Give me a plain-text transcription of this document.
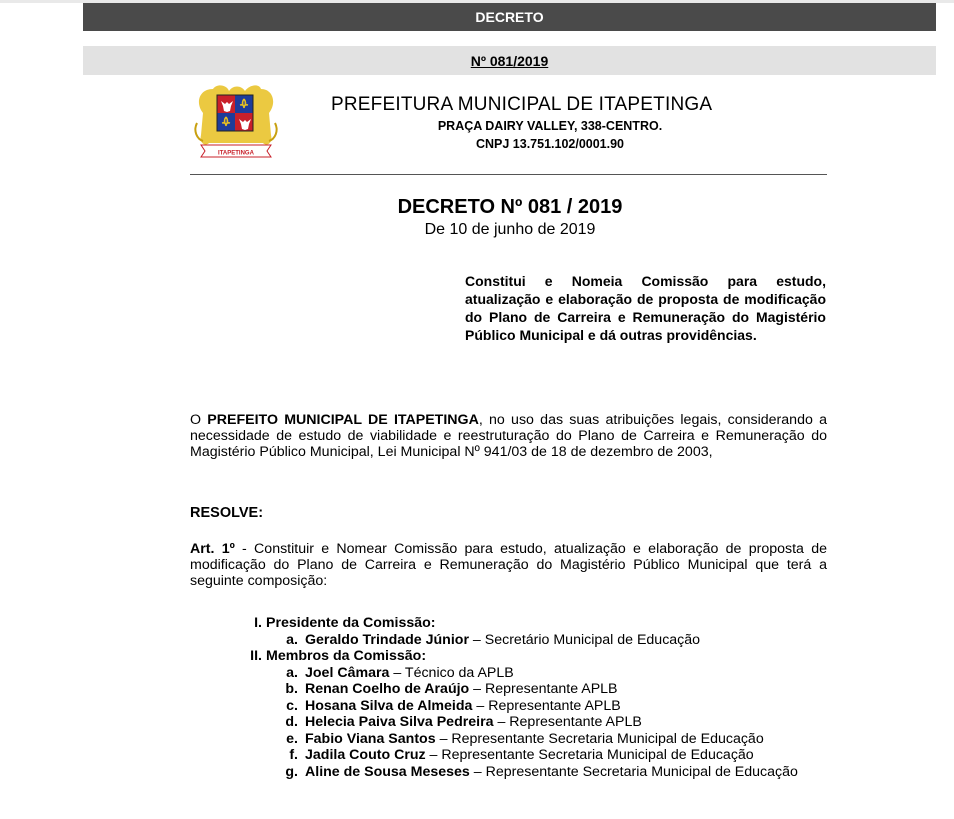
DECRETO
Nº 081/2019
ITAPETINGA
PREFEITURA MUNICIPAL DE ITAPETINGA
PRAÇA DAIRY VALLEY, 338-CENTRO.
CNPJ 13.751.102/0001.90
DECRETO Nº 081 / 2019
De 10 de junho de 2019
Constitui e Nomeia Comissão para estudo, atualização e elaboração de proposta de modificação do Plano de Carreira e Remuneração do Magistério Público Municipal e dá outras providências.
O PREFEITO MUNICIPAL DE ITAPETINGA, no uso das suas atribuições legais, considerando a necessidade de estudo de viabilidade e reestruturação do Plano de Carreira e Remuneração do Magistério Público Municipal, Lei Municipal Nº 941/03 de 18 de dezembro de 2003,
RESOLVE:
Art. 1º - Constituir e Nomear Comissão para estudo, atualização e elaboração de proposta de modificação do Plano de Carreira e Remuneração do Magistério Público Municipal que terá a seguinte composição:
I. Presidente da Comissão:
a. Geraldo Trindade Júnior – Secretário Municipal de Educação
II. Membros da Comissão:
a. Joel Câmara – Técnico da APLB
b. Renan Coelho de Araújo – Representante APLB
c. Hosana Silva de Almeida – Representante APLB
d. Helecia Paiva Silva Pedreira – Representante APLB
e. Fabio Viana Santos – Representante Secretaria Municipal de Educação
f. Jadila Couto Cruz – Representante Secretaria Municipal de Educação
g. Aline de Sousa Meseses – Representante Secretaria Municipal de Educação
